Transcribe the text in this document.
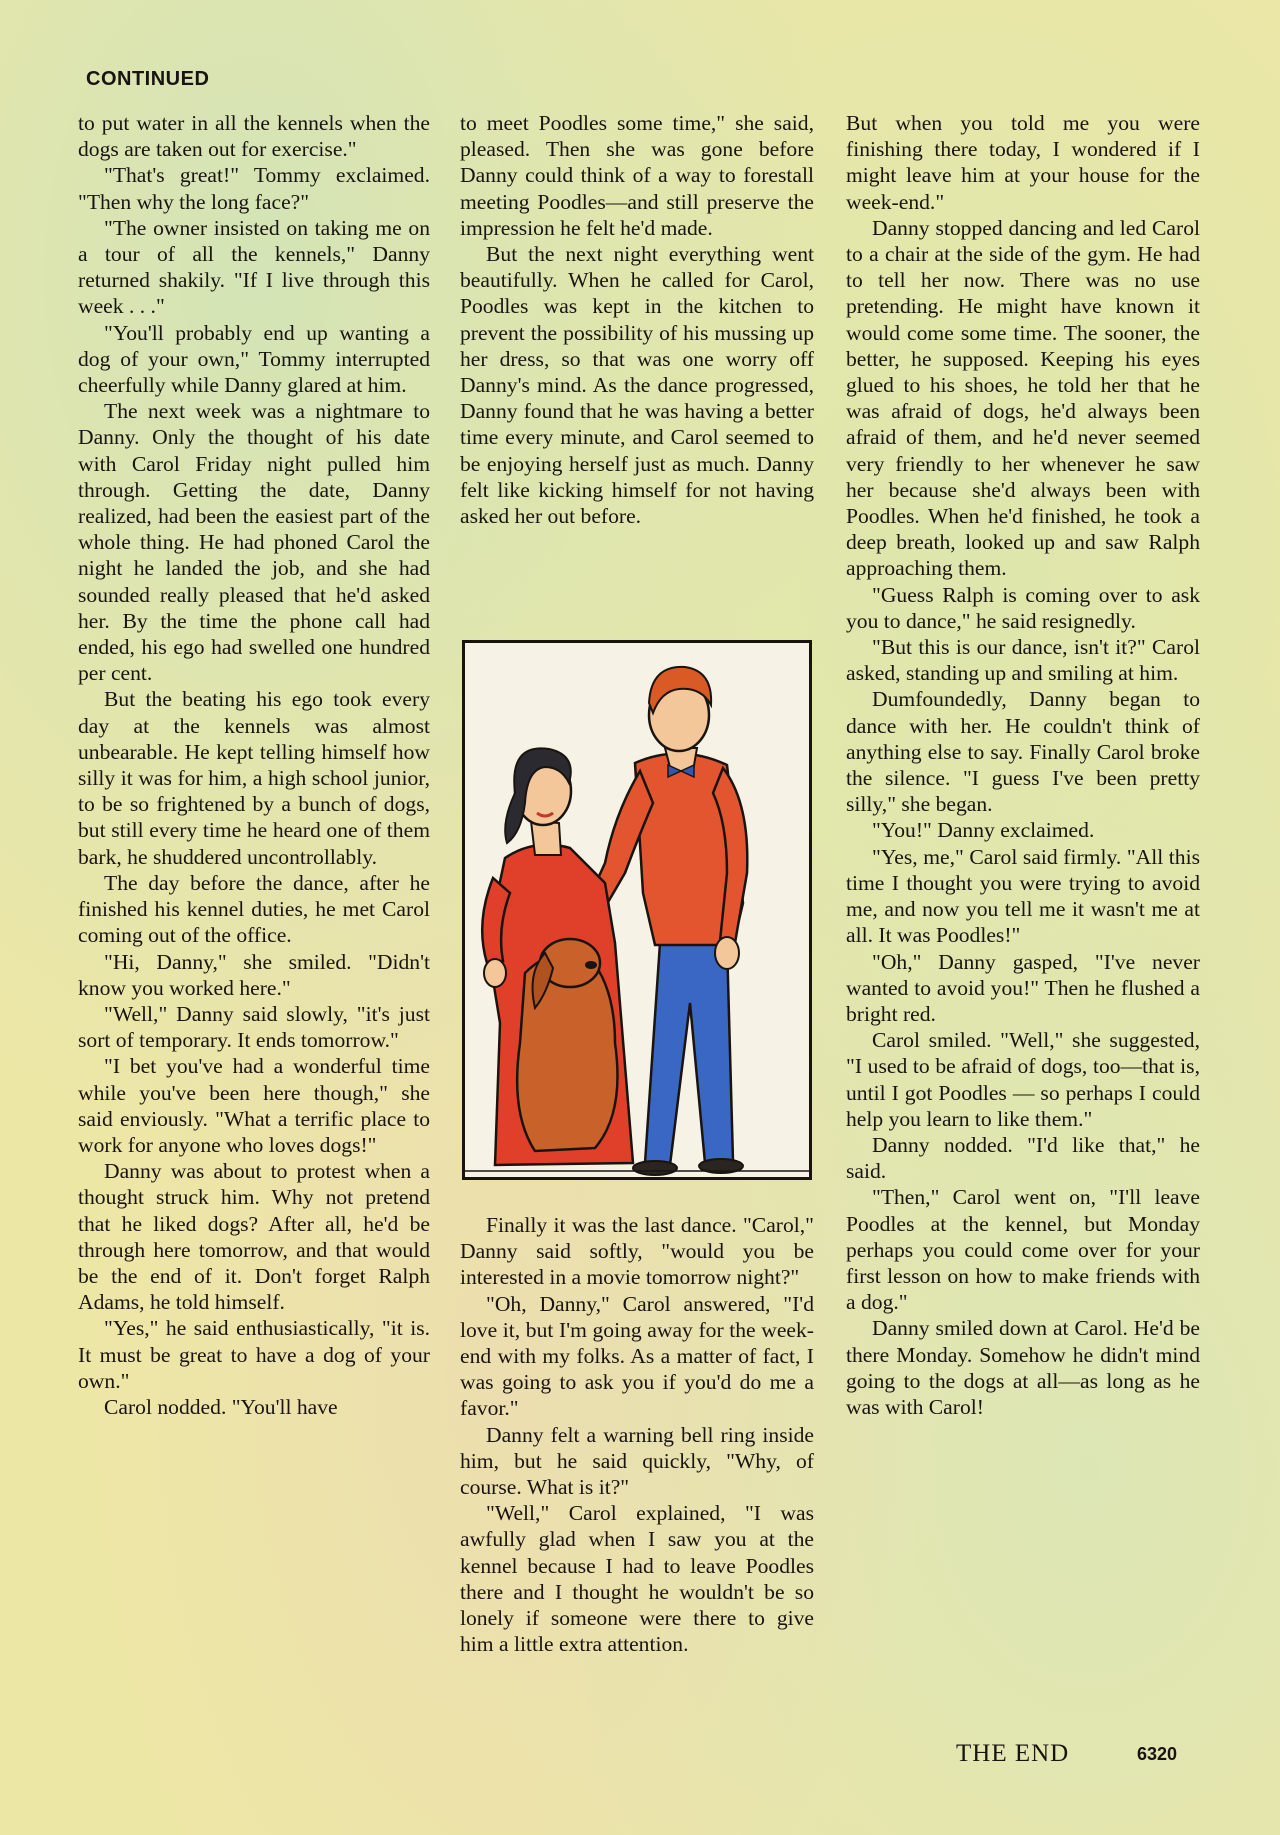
CONTINUED

to put water in all the kennels when the dogs are taken out for exercise."

"That's great!" Tommy exclaimed. "Then why the long face?"

"The owner insisted on taking me on a tour of all the kennels," Danny returned shakily. "If I live through this week . . ."

"You'll probably end up wanting a dog of your own," Tommy interrupted cheerfully while Danny glared at him.

The next week was a nightmare to Danny. Only the thought of his date with Carol Friday night pulled him through. Getting the date, Danny realized, had been the easiest part of the whole thing. He had phoned Carol the night he landed the job, and she had sounded really pleased that he'd asked her. By the time the phone call had ended, his ego had swelled one hundred per cent.

But the beating his ego took every day at the kennels was almost unbearable. He kept telling himself how silly it was for him, a high school junior, to be so frightened by a bunch of dogs, but still every time he heard one of them bark, he shuddered uncontrollably.

The day before the dance, after he finished his kennel duties, he met Carol coming out of the office.

"Hi, Danny," she smiled. "Didn't know you worked here."

"Well," Danny said slowly, "it's just sort of temporary. It ends tomorrow."

"I bet you've had a wonderful time while you've been here though," she said enviously. "What a terrific place to work for anyone who loves dogs!"

Danny was about to protest when a thought struck him. Why not pretend that he liked dogs? After all, he'd be through here tomorrow, and that would be the end of it. Don't forget Ralph Adams, he told himself.

"Yes," he said enthusiastically, "it is. It must be great to have a dog of your own."

Carol nodded. "You'll have

to meet Poodles some time," she said, pleased. Then she was gone before Danny could think of a way to forestall meeting Poodles—and still preserve the impression he felt he'd made.

But the next night everything went beautifully. When he called for Carol, Poodles was kept in the kitchen to prevent the possibility of his mussing up her dress, so that was one worry off Danny's mind. As the dance progressed, Danny found that he was having a better time every minute, and Carol seemed to be enjoying herself just as much. Danny felt like kicking himself for not having asked her out before.

Finally it was the last dance. "Carol," Danny said softly, "would you be interested in a movie tomorrow night?"

"Oh, Danny," Carol answered, "I'd love it, but I'm going away for the week-end with my folks. As a matter of fact, I was going to ask you if you'd do me a favor."

Danny felt a warning bell ring inside him, but he said quickly, "Why, of course. What is it?"

"Well," Carol explained, "I was awfully glad when I saw you at the kennel because I had to leave Poodles there and I thought he wouldn't be so lonely if someone were there to give him a little extra attention.

But when you told me you were finishing there today, I wondered if I might leave him at your house for the week-end."

Danny stopped dancing and led Carol to a chair at the side of the gym. He had to tell her now. There was no use pretending. He might have known it would come some time. The sooner, the better, he supposed. Keeping his eyes glued to his shoes, he told her that he was afraid of dogs, he'd always been afraid of them, and he'd never seemed very friendly to her whenever he saw her because she'd always been with Poodles. When he'd finished, he took a deep breath, looked up and saw Ralph approaching them.

"Guess Ralph is coming over to ask you to dance," he said resignedly.

"But this is our dance, isn't it?" Carol asked, standing up and smiling at him.

Dumfoundedly, Danny began to dance with her. He couldn't think of anything else to say. Finally Carol broke the silence. "I guess I've been pretty silly," she began.

"You!" Danny exclaimed.

"Yes, me," Carol said firmly. "All this time I thought you were trying to avoid me, and now you tell me it wasn't me at all. It was Poodles!"

"Oh," Danny gasped, "I've never wanted to avoid you!" Then he flushed a bright red.

Carol smiled. "Well," she suggested, "I used to be afraid of dogs, too—that is, until I got Poodles — so perhaps I could help you learn to like them."

Danny nodded. "I'd like that," he said.

"Then," Carol went on, "I'll leave Poodles at the kennel, but Monday perhaps you could come over for your first lesson on how to make friends with a dog."

Danny smiled down at Carol. He'd be there Monday. Somehow he didn't mind going to the dogs at all—as long as he was with Carol!

THE END	6320
